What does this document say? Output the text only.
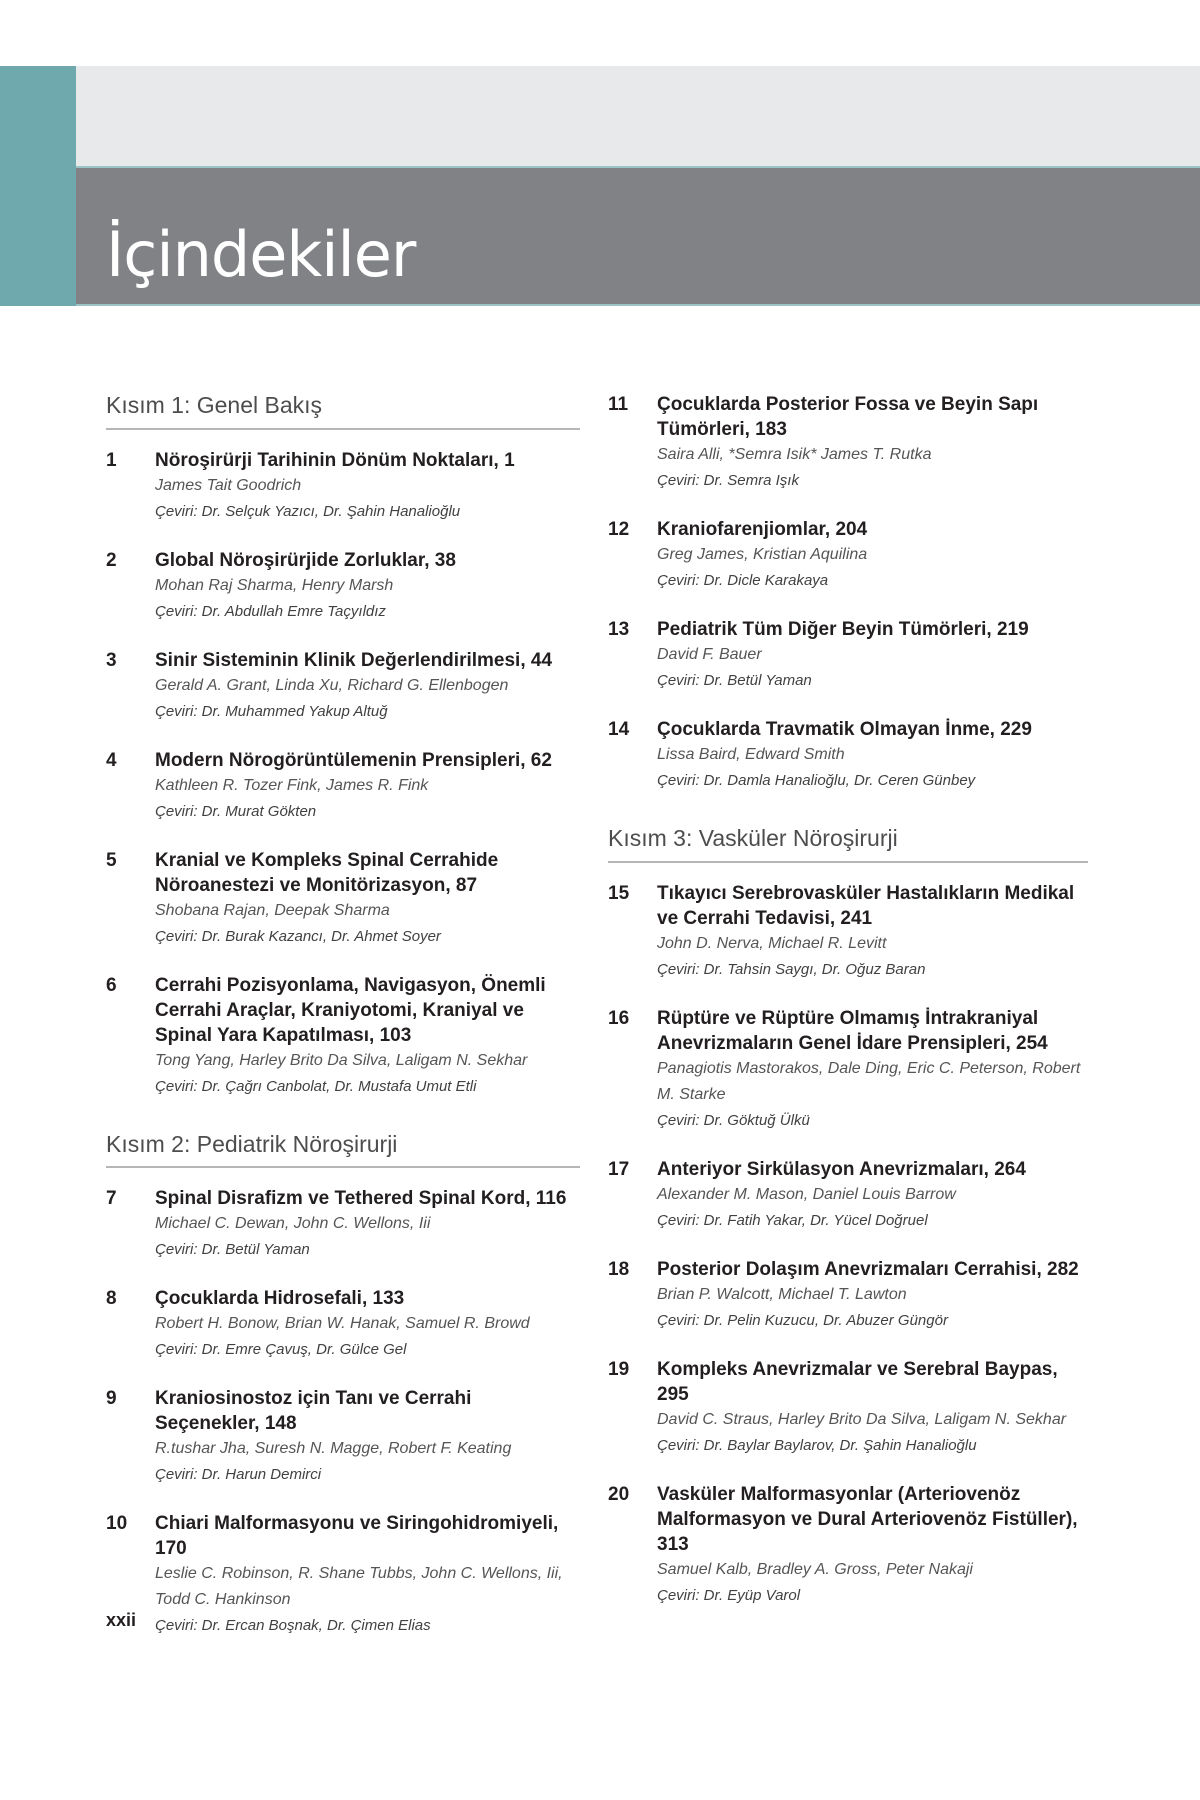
İçindekiler
Kısım 1: Genel Bakış
1	Nöroşirürji Tarihinin Dönüm Noktaları, 1
James Tait Goodrich
Çeviri: Dr. Selçuk Yazıcı, Dr. Şahin Hanalioğlu
2	Global Nöroşirürjide Zorluklar, 38
Mohan Raj Sharma, Henry Marsh
Çeviri: Dr. Abdullah Emre Taçyıldız
3	Sinir Sisteminin Klinik Değerlendirilmesi, 44
Gerald A. Grant, Linda Xu, Richard G. Ellenbogen
Çeviri: Dr. Muhammed Yakup Altuğ
4	Modern Nörogörüntülemenin Prensipleri, 62
Kathleen R. Tozer Fink, James R. Fink
Çeviri: Dr. Murat Gökten
5	Kranial ve Kompleks Spinal Cerrahide Nöroanestezi ve Monitörizasyon, 87
Shobana Rajan, Deepak Sharma
Çeviri: Dr. Burak Kazancı, Dr. Ahmet Soyer
6	Cerrahi Pozisyonlama, Navigasyon, Önemli Cerrahi Araçlar, Kraniyotomi, Kraniyal ve Spinal Yara Kapatılması, 103
Tong Yang, Harley Brito Da Silva, Laligam N. Sekhar
Çeviri: Dr. Çağrı Canbolat, Dr. Mustafa Umut Etli
Kısım 2: Pediatrik Nöroşirurji
7	Spinal Disrafizm ve Tethered Spinal Kord, 116
Michael C. Dewan, John C. Wellons, Iii
Çeviri: Dr. Betül Yaman
8	Çocuklarda Hidrosefali, 133
Robert H. Bonow, Brian W. Hanak, Samuel R. Browd
Çeviri: Dr. Emre Çavuş, Dr. Gülce Gel
9	Kraniosinostoz için Tanı ve Cerrahi Seçenekler, 148
R.tushar Jha, Suresh N. Magge, Robert F. Keating
Çeviri: Dr. Harun Demirci
10	Chiari Malformasyonu ve Siringohidromiyeli, 170
Leslie C. Robinson, R. Shane Tubbs, John C. Wellons, Iii, Todd C. Hankinson
Çeviri: Dr. Ercan Boşnak, Dr. Çimen Elias
11	Çocuklarda Posterior Fossa ve Beyin Sapı Tümörleri, 183
Saira Alli, *Semra Isik* James T. Rutka
Çeviri: Dr. Semra Işık
12	Kraniofarenjiomlar, 204
Greg James, Kristian Aquilina
Çeviri: Dr. Dicle Karakaya
13	Pediatrik Tüm Diğer Beyin Tümörleri, 219
David F. Bauer
Çeviri: Dr. Betül Yaman
14	Çocuklarda Travmatik Olmayan İnme, 229
Lissa Baird, Edward Smith
Çeviri: Dr. Damla Hanalioğlu, Dr. Ceren Günbey
Kısım 3: Vasküler Nöroşirurji
15	Tıkayıcı Serebrovasküler Hastalıkların Medikal ve Cerrahi Tedavisi, 241
John D. Nerva, Michael R. Levitt
Çeviri: Dr. Tahsin Saygı, Dr. Oğuz Baran
16	Rüptüre ve Rüptüre Olmamış İntrakraniyal Anevrizmaların Genel İdare Prensipleri, 254
Panagiotis Mastorakos, Dale Ding, Eric C. Peterson, Robert M. Starke
Çeviri: Dr. Göktuğ Ülkü
17	Anteriyor Sirkülasyon Anevrizmaları, 264
Alexander M. Mason, Daniel Louis Barrow
Çeviri: Dr. Fatih Yakar, Dr. Yücel Doğruel
18	Posterior Dolaşım Anevrizmaları Cerrahisi, 282
Brian P. Walcott, Michael T. Lawton
Çeviri: Dr. Pelin Kuzucu, Dr. Abuzer Güngör
19	Kompleks Anevrizmalar ve Serebral Baypas, 295
David C. Straus, Harley Brito Da Silva, Laligam N. Sekhar
Çeviri: Dr. Baylar Baylarov, Dr. Şahin Hanalioğlu
20	Vasküler Malformasyonlar (Arteriovenöz Malformasyon ve Dural Arteriovenöz Fistüller), 313
Samuel Kalb, Bradley A. Gross, Peter Nakaji
Çeviri: Dr. Eyüp Varol
xxii
